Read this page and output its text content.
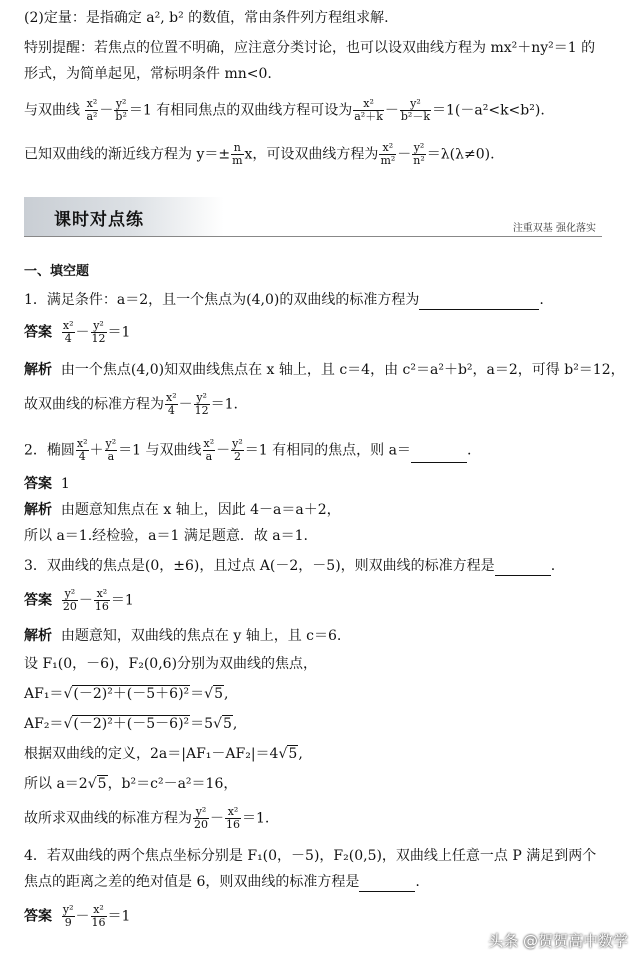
(2)定量：是指确定 a², b² 的数值，常由条件列方程组求解.
特别提醒：若焦点的位置不明确，应注意分类讨论，也可以设双曲线方程为 mx²＋ny²＝1 的
形式，为简单起见，常标明条件 mn<0.
与双曲线 $\frac{\text{x²}}{\text{a²}} - \frac{\text{y²}}{\text{b²}} =1$ 有相同焦点的双曲线方程可设为 $\frac{\text{x²}}{\text{a²＋k}} - \frac{\text{y²}}{\text{b²－k}} =1(-a^2<k<b^2)$.
已知双曲线的渐近线方程为 $y=\pm \frac{n}{m}$ x，可设双曲线方程为 $\frac{\text{x²}}{\text{m²}} - \frac{\text{y²}}{\text{n²}} =\lambda(\lambda\ne 0)$.
课时对点练	注重双基 强化落实
一、填空题
1．满足条件：a＝2，且一个焦点为(4,0)的双曲线的标准方程为	.
答案 $\frac{\text{x²}}{4} - \frac{\text{y²}}{12} =1$
解析 由一个焦点(4,0)知双曲线焦点在 x 轴上，且 c＝4，由 c²＝a²＋b²，a＝2，可得 b²＝12，
故双曲线的标准方程为 $\frac{\text{x²}}{4} - \frac{\text{y²}}{12} =1$.
2．椭圆 $\frac{\text{x²}}{4} + \frac{\text{y²}}{a} =1$ 与双曲线 $\frac{\text{x²}}{a} - \frac{\text{y²}}{2} =1$ 有相同的焦点，则 a＝	.
答案 1
解析 由题意知焦点在 x 轴上，因此 4－a＝a＋2，
所以 a＝1.经检验，a＝1 满足题意．故 a＝1.
3．双曲线的焦点是(0，±6)，且过点 A(－2，－5)，则双曲线的标准方程是	.
答案 $\frac{\text{y²}}{20} - \frac{\text{x²}}{16} =1$
解析 由题意知，双曲线的焦点在 y 轴上，且 c＝6.
设 F₁(0，－6)，F₂(0,6)分别为双曲线的焦点，
AF₁＝√(－2)²＋(－5＋6)²＝√5,
AF₂＝√(－2)²＋(－5－6)²＝5√5,
根据双曲线的定义，2a＝|AF₁－AF₂|＝4√5,
所以 a＝2√5，b²＝c²－a²＝16，
故所求双曲线的标准方程为 $\frac{\text{y²}}{20} - \frac{\text{x²}}{16} =1$.
4．若双曲线的两个焦点坐标分别是 F₁(0，－5)，F₂(0,5)，双曲线上任意一点 P 满足到两个
焦点的距离之差的绝对值是 6，则双曲线的标准方程是	.
答案 $\frac{\text{y²}}{9} - \frac{\text{x²}}{16} =1$
头条 @贺贺高中数学
